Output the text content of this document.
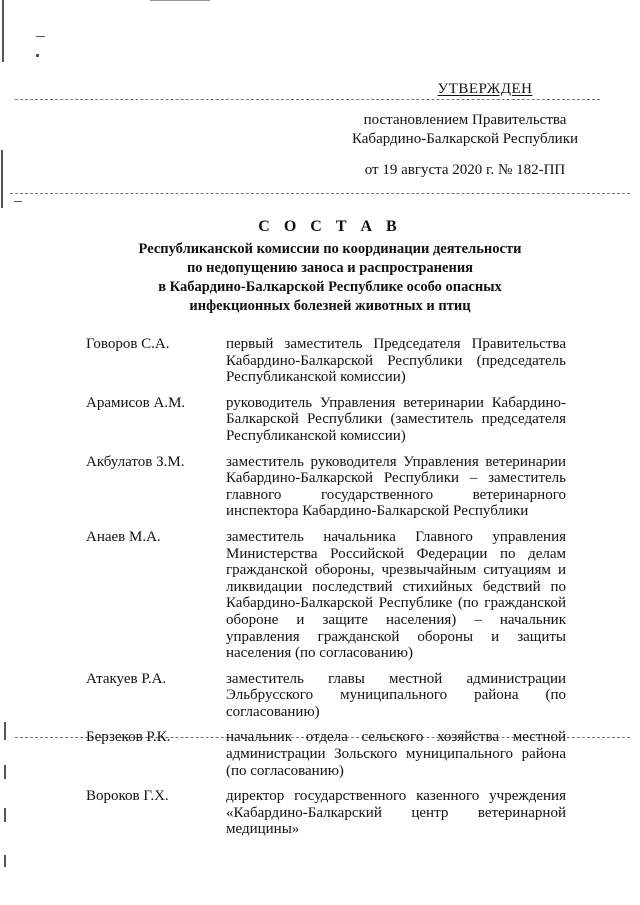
УТВЕРЖДЕН
постановлением Правительства
Кабардино-Балкарской Республики
от 19 августа 2020 г. № 182-ПП
С О С Т А В
Республиканской комиссии по координации деятельности
по недопущению заноса и распространения
в Кабардино-Балкарской Республике особо опасных
инфекционных болезней животных и птиц
Говоров С.А.	первый заместитель Председателя Правительства Кабардино-Балкарской Республики (председатель Республиканской комиссии)
Арамисов А.М.	руководитель Управления ветеринарии Кабардино-Балкарской Республики (заместитель председателя Республиканской комиссии)
Акбулатов З.М.	заместитель руководителя Управления ветеринарии Кабардино-Балкарской Республики – заместитель главного государственного ветеринарного инспектора Кабардино-Балкарской Республики
Анаев М.А.	заместитель начальника Главного управления Министерства Российской Федерации по делам гражданской обороны, чрезвычайным ситуациям и ликвидации последствий стихийных бедствий по Кабардино-Балкарской Республике (по гражданской обороне и защите населения) – начальник управления гражданской обороны и защиты населения (по согласованию)
Атакуев Р.А.	заместитель главы местной администрации Эльбрусского муниципального района (по согласованию)
Берзеков Р.К.	начальник отдела сельского хозяйства местной администрации Зольского муниципального района (по согласованию)
Вороков Г.Х.	директор государственного казенного учреждения «Кабардино-Балкарский центр ветеринарной медицины»
